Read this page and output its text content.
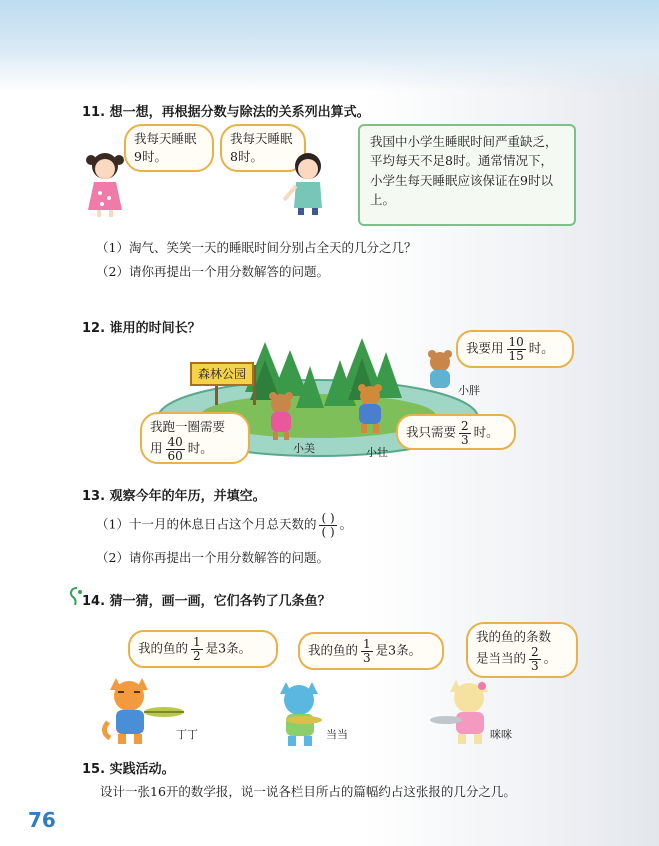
11. 想一想，再根据分数与除法的关系列出算式。
我每天睡眠9时。
我每天睡眠8时。
我国中小学生睡眠时间严重缺乏，平均每天不足8时。通常情况下，小学生每天睡眠应该保证在9时以上。
（1）淘气、笑笑一天的睡眠时间分别占全天的几分之几？
（2）请你再提出一个用分数解答的问题。
12. 谁用的时间长？
森林公园
小胖
小美	小壮
我要用 $\frac{10}{15}$ 时。
我跑一圈需要
用 $\frac{40}{60}$ 时。
我只需要 $\frac{2}{3}$ 时。
13. 观察今年的年历，并填空。
（1）十一月的休息日占这个月总天数的 $\frac{( )}{( )}$ 。
（2）请你再提出一个用分数解答的问题。
14. 猜一猜，画一画，它们各钓了几条鱼？
我的鱼的 $\frac{1}{2}$ 是3条。	我的鱼的 $\frac{1}{3}$ 是3条。
我的鱼的条数
是当当的 $\frac{2}{3}$ 。
丁丁	当当	咪咪
15. 实践活动。
设计一张16开的数学报，说一说各栏目所占的篇幅约占这张报的几分之几。
76
